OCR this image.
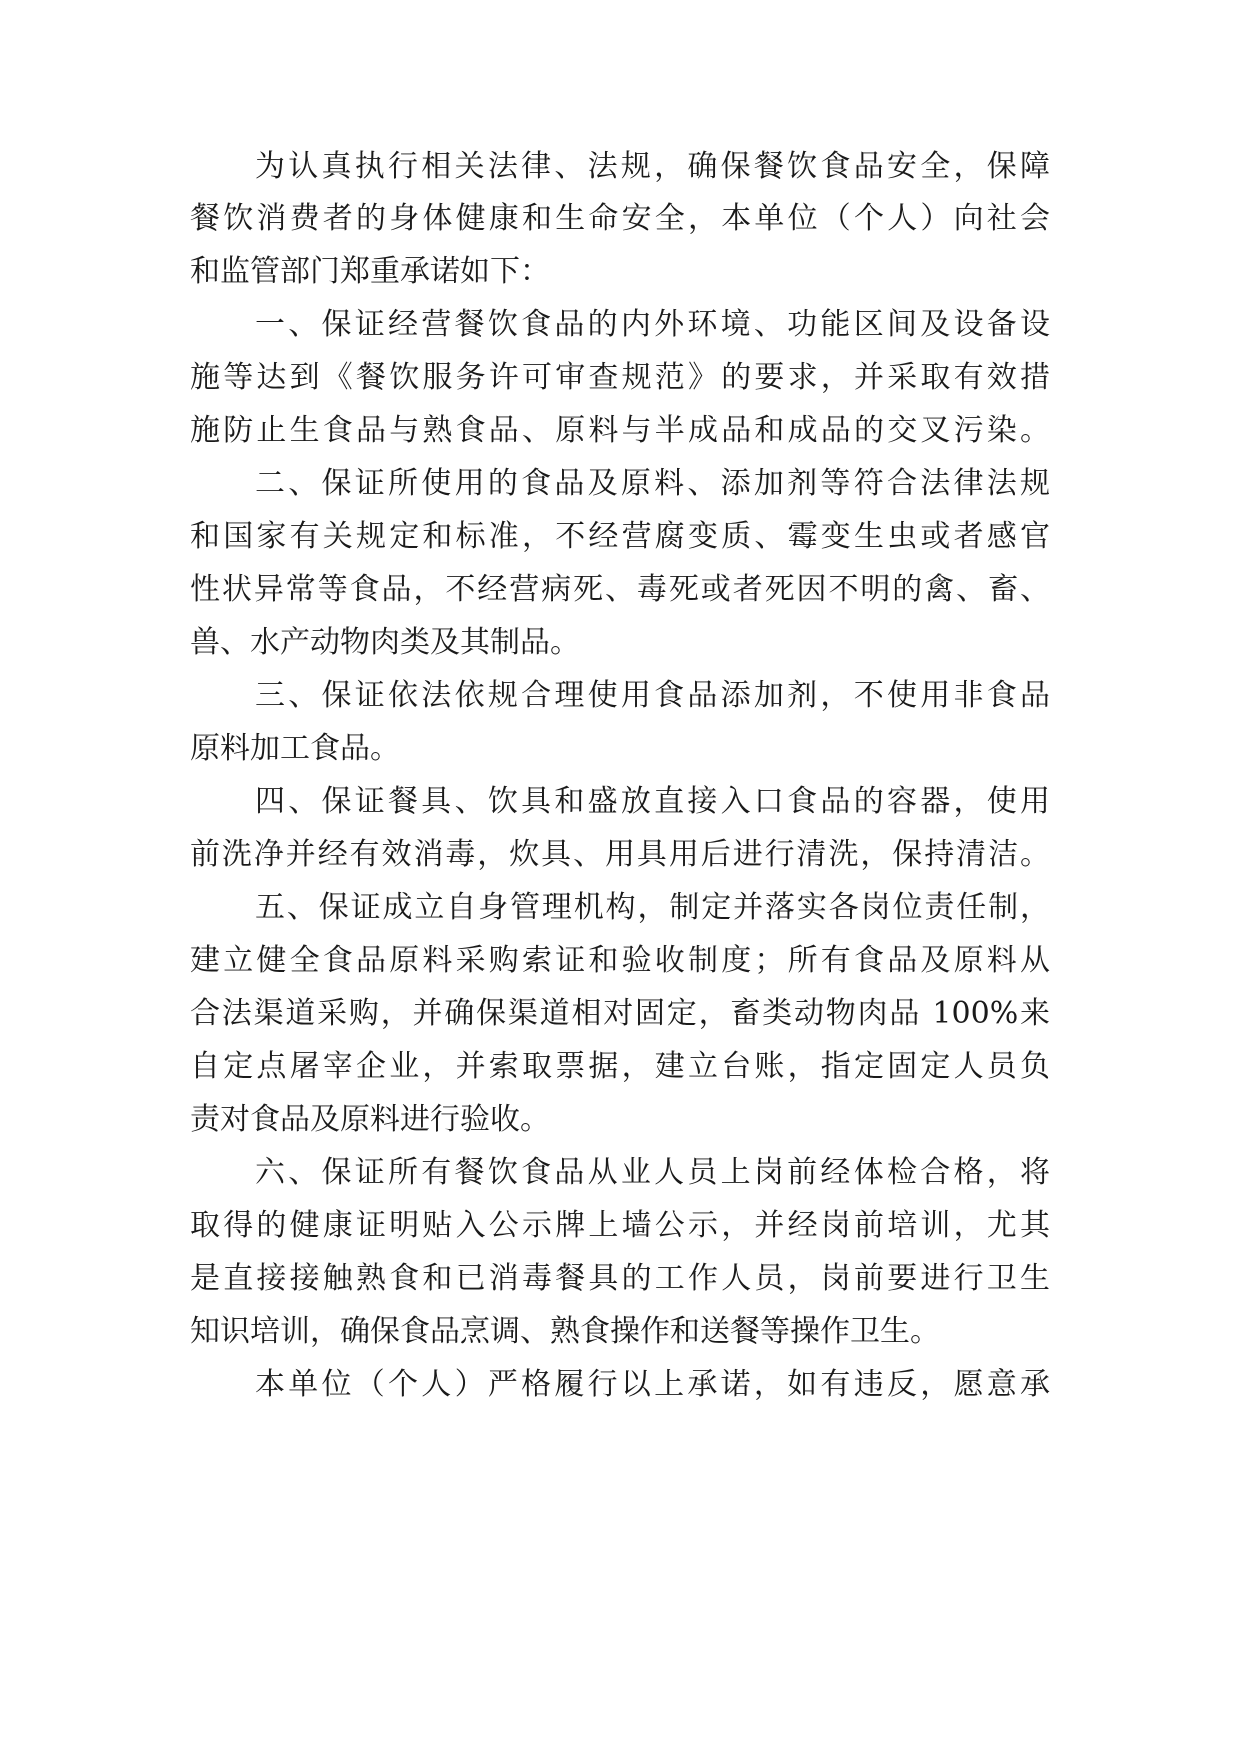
为认真执行相关法律、法规，确保餐饮食品安全，保障
餐饮消费者的身体健康和生命安全，本单位（个人）向社会
和监管部门郑重承诺如下：
一、保证经营餐饮食品的内外环境、功能区间及设备设
施等达到《餐饮服务许可审查规范》的要求，并采取有效措
施防止生食品与熟食品、原料与半成品和成品的交叉污染。
二、保证所使用的食品及原料、添加剂等符合法律法规
和国家有关规定和标准，不经营腐变质、霉变生虫或者感官
性状异常等食品，不经营病死、毒死或者死因不明的禽、畜、
兽、水产动物肉类及其制品。
三、保证依法依规合理使用食品添加剂，不使用非食品
原料加工食品。
四、保证餐具、饮具和盛放直接入口食品的容器，使用
前洗净并经有效消毒，炊具、用具用后进行清洗，保持清洁。
五、保证成立自身管理机构，制定并落实各岗位责任制，
建立健全食品原料采购索证和验收制度；所有食品及原料从
合法渠道采购，并确保渠道相对固定，畜类动物肉品 100%来
自定点屠宰企业，并索取票据，建立台账，指定固定人员负
责对食品及原料进行验收。
六、保证所有餐饮食品从业人员上岗前经体检合格，将
取得的健康证明贴入公示牌上墙公示，并经岗前培训，尤其
是直接接触熟食和已消毒餐具的工作人员，岗前要进行卫生
知识培训，确保食品烹调、熟食操作和送餐等操作卫生。
本单位（个人）严格履行以上承诺，如有违反，愿意承
